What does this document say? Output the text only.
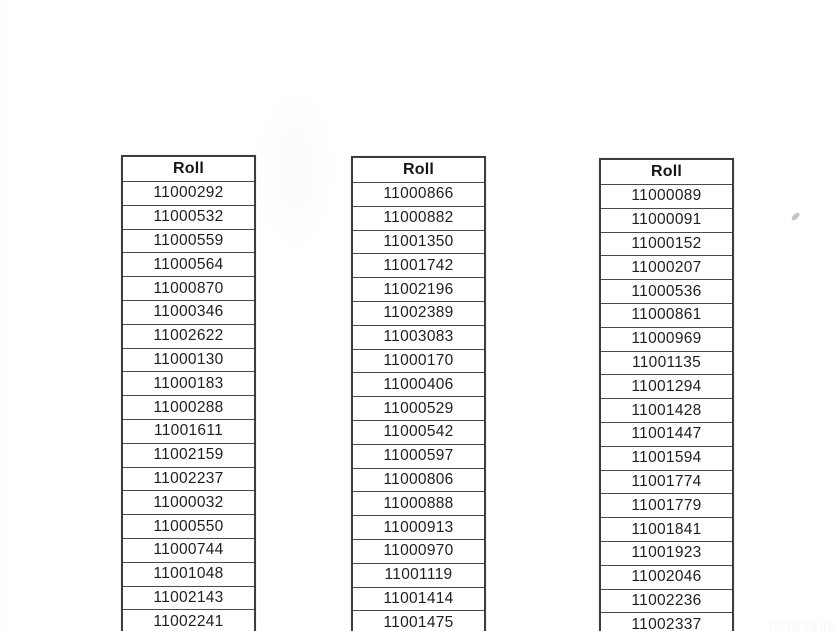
Roll
11000292
11000532
11000559
11000564
11000870
11000346
11002622
11000130
11000183
11000288
11001611
11002159
11002237
11000032
11000550
11000744
11001048
11002143
11002241
Roll
11000866
11000882
11001350
11001742
11002196
11002389
11003083
11000170
11000406
11000529
11000542
11000597
11000806
11000888
11000913
11000970
11001119
11001414
11001475
Roll
11000089
11000091
11000152
11000207
11000536
11000861
11000969
11001135
11001294
11001428
11001447
11001594
11001774
11001779
11001841
11001923
11002046
11002236
11002337
